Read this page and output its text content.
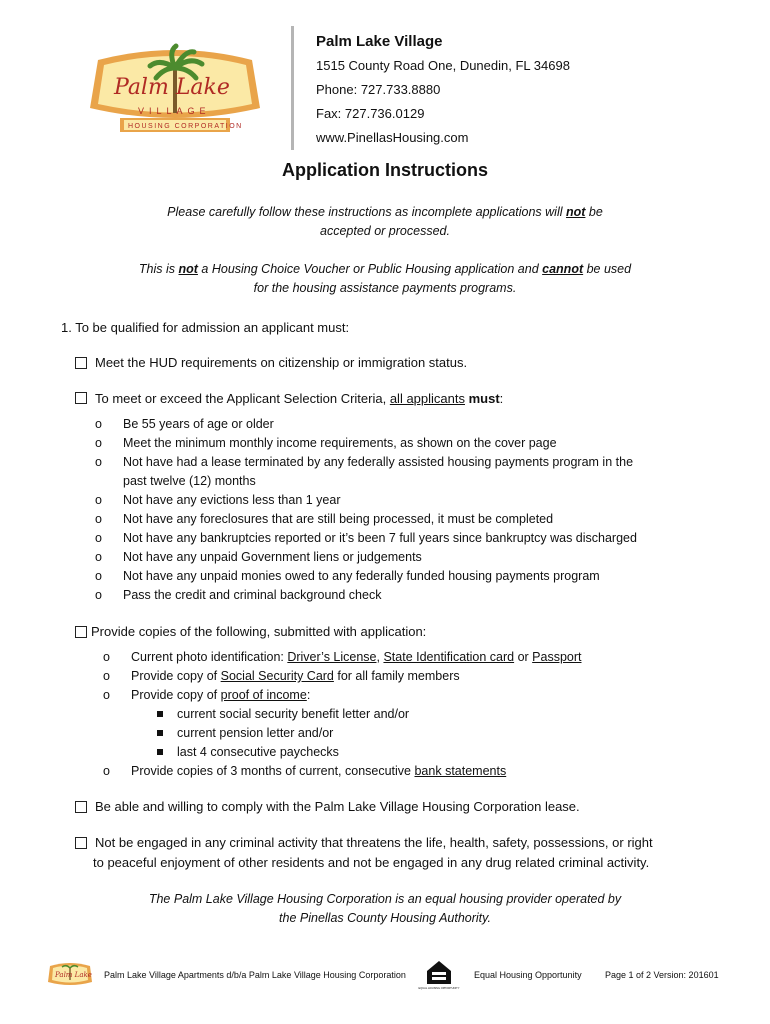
Palm Lake
VILLAGE
HOUSING CORPORATION
Palm Lake Village
1515 County Road One, Dunedin, FL 34698
Phone: 727.733.8880
Fax: 727.736.0129
www.PinellasHousing.com
Application Instructions
Please carefully follow these instructions as incomplete applications will not be
accepted or processed.
This is not a Housing Choice Voucher or Public Housing application and cannot be used
for the housing assistance payments programs.
1. To be qualified for admission an applicant must:
Meet the HUD requirements on citizenship or immigration status.
To meet or exceed the Applicant Selection Criteria, all applicants must:
o Be 55 years of age or older
o Meet the minimum monthly income requirements, as shown on the cover page
o Not have had a lease terminated by any federally assisted housing payments program in the
past twelve (12) months
o Not have any evictions less than 1 year
o Not have any foreclosures that are still being processed, it must be completed
o Not have any bankruptcies reported or it’s been 7 full years since bankruptcy was discharged
o Not have any unpaid Government liens or judgements
o Not have any unpaid monies owed to any federally funded housing payments program
o Pass the credit and criminal background check
Provide copies of the following, submitted with application:
o Current photo identification: Driver’s License, State Identification card or Passport
o Provide copy of Social Security Card for all family members
o Provide copy of proof of income:
current social security benefit letter and/or
current pension letter and/or
last 4 consecutive paychecks
o Provide copies of 3 months of current, consecutive bank statements
Be able and willing to comply with the Palm Lake Village Housing Corporation lease.
Not be engaged in any criminal activity that threatens the life, health, safety, possessions, or right
to peaceful enjoyment of other residents and not be engaged in any drug related criminal activity.
The Palm Lake Village Housing Corporation is an equal housing provider operated by
the Pinellas County Housing Authority.
Palm Lake Palm Lake Village Apartments d/b/a Palm Lake Village Housing Corporation
EQUAL HOUSING OPPORTUNITY
Equal Housing Opportunity	Page 1 of 2 Version: 201601
